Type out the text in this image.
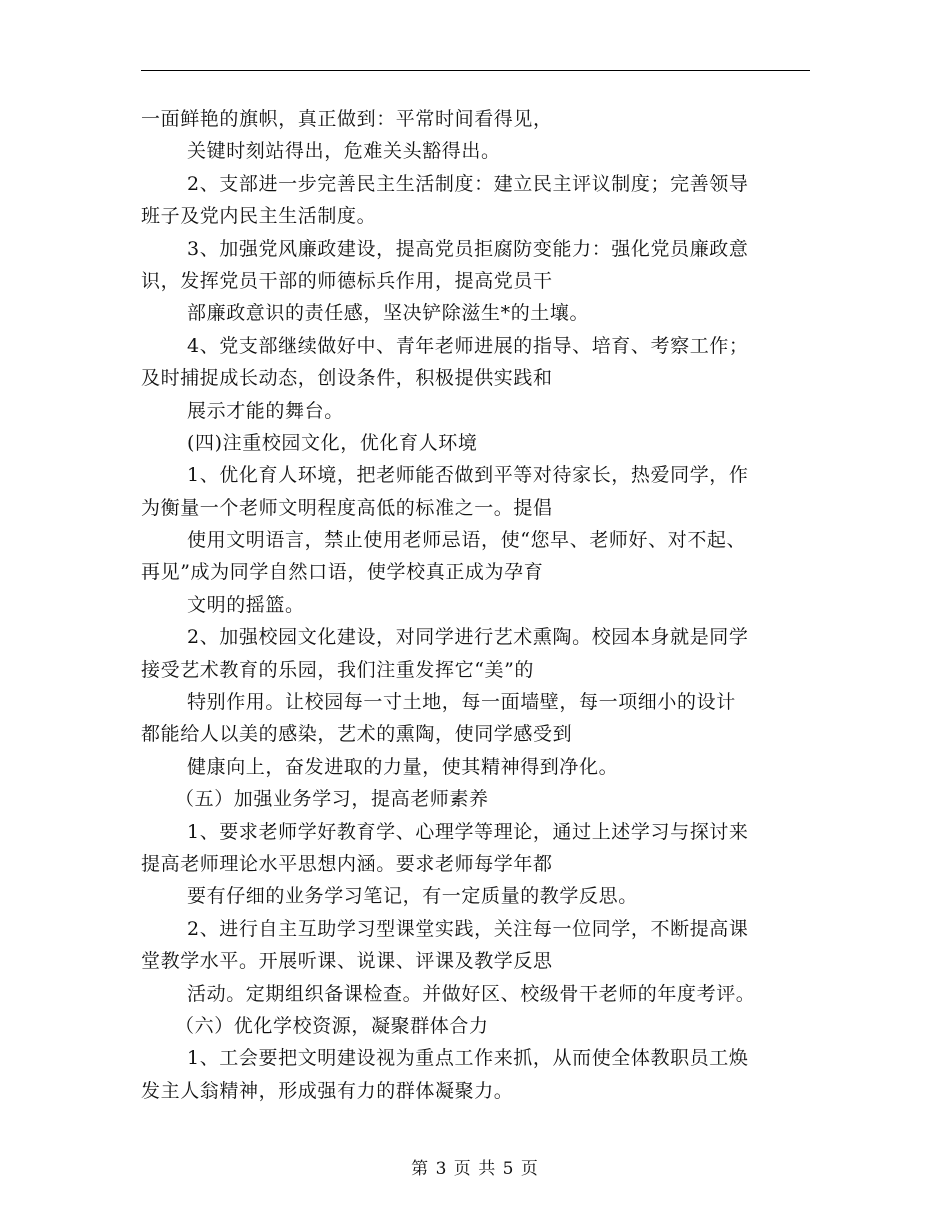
一面鲜艳的旗帜，真正做到：平常时间看得见，
关键时刻站得出，危难关头豁得出。
2、支部进一步完善民主生活制度：建立民主评议制度；完善领导
班子及党内民主生活制度。
3、加强党风廉政建设，提高党员拒腐防变能力：强化党员廉政意
识，发挥党员干部的师德标兵作用，提高党员干
部廉政意识的责任感，坚决铲除滋生*的土壤。
4、党支部继续做好中、青年老师进展的指导、培育、考察工作；
及时捕捉成长动态，创设条件，积极提供实践和
展示才能的舞台。
(四)注重校园文化，优化育人环境
1、优化育人环境，把老师能否做到平等对待家长，热爱同学，作
为衡量一个老师文明程度高低的标准之一。提倡
使用文明语言，禁止使用老师忌语，使“您早、老师好、对不起、
再见”成为同学自然口语，使学校真正成为孕育
文明的摇篮。
2、加强校园文化建设，对同学进行艺术熏陶。校园本身就是同学
接受艺术教育的乐园，我们注重发挥它“美”的
特别作用。让校园每一寸土地，每一面墙壁，每一项细小的设计
都能给人以美的感染，艺术的熏陶，使同学感受到
健康向上，奋发进取的力量，使其精神得到净化。
（五）加强业务学习，提高老师素养
1、要求老师学好教育学、心理学等理论，通过上述学习与探讨来
提高老师理论水平思想内涵。要求老师每学年都
要有仔细的业务学习笔记，有一定质量的教学反思。
2、进行自主互助学习型课堂实践，关注每一位同学，不断提高课
堂教学水平。开展听课、说课、评课及教学反思
活动。定期组织备课检查。并做好区、校级骨干老师的年度考评。
（六）优化学校资源，凝聚群体合力
1、工会要把文明建设视为重点工作来抓，从而使全体教职员工焕
发主人翁精神，形成强有力的群体凝聚力。
第 3 页 共 5 页
